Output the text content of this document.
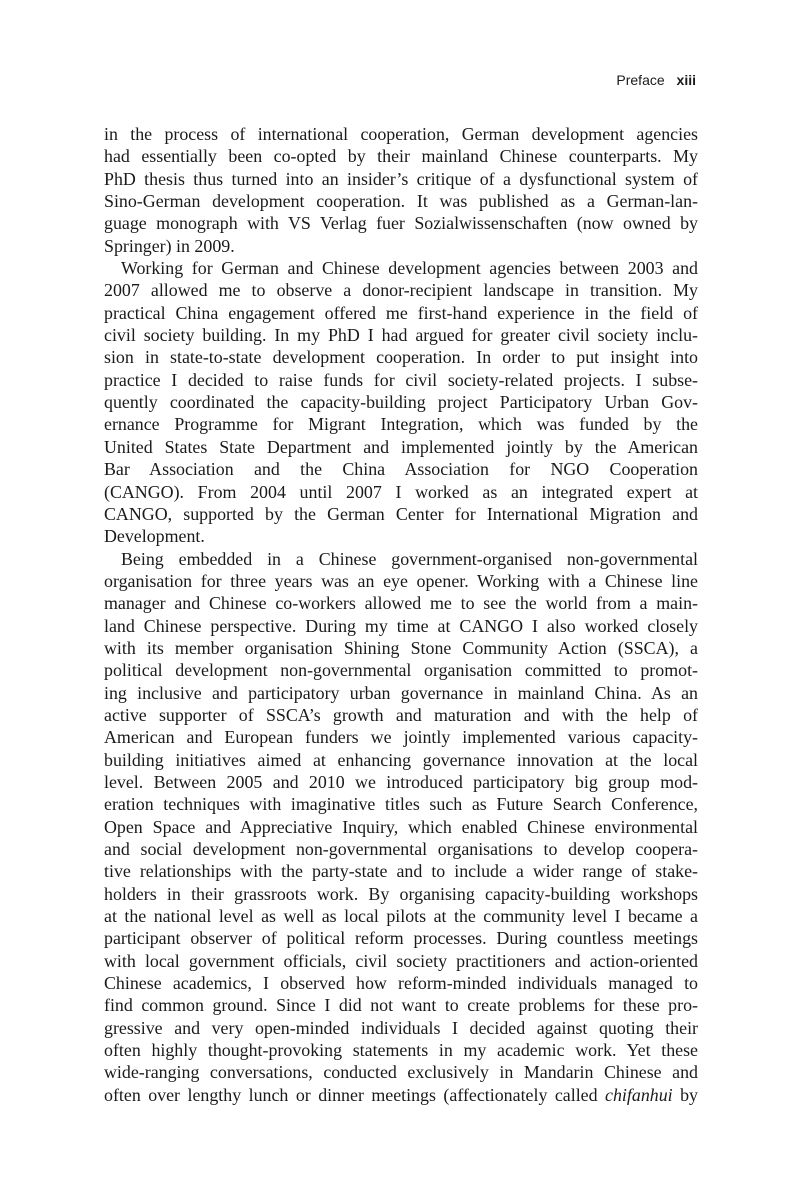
Preface xiii
in the process of international cooperation, German development agencies
had essentially been co-opted by their mainland Chinese counterparts. My
PhD thesis thus turned into an insider’s critique of a dysfunctional system of
Sino-German development cooperation. It was published as a German-lan-
guage monograph with VS Verlag fuer Sozialwissenschaften (now owned by
Springer) in 2009.
Working for German and Chinese development agencies between 2003 and
2007 allowed me to observe a donor-recipient landscape in transition. My
practical China engagement offered me first-hand experience in the field of
civil society building. In my PhD I had argued for greater civil society inclu-
sion in state-to-state development cooperation. In order to put insight into
practice I decided to raise funds for civil society-related projects. I subse-
quently coordinated the capacity-building project Participatory Urban Gov-
ernance Programme for Migrant Integration, which was funded by the
United States State Department and implemented jointly by the American
Bar Association and the China Association for NGO Cooperation
(CANGO). From 2004 until 2007 I worked as an integrated expert at
CANGO, supported by the German Center for International Migration and
Development.
Being embedded in a Chinese government-organised non-governmental
organisation for three years was an eye opener. Working with a Chinese line
manager and Chinese co-workers allowed me to see the world from a main-
land Chinese perspective. During my time at CANGO I also worked closely
with its member organisation Shining Stone Community Action (SSCA), a
political development non-governmental organisation committed to promot-
ing inclusive and participatory urban governance in mainland China. As an
active supporter of SSCA’s growth and maturation and with the help of
American and European funders we jointly implemented various capacity-
building initiatives aimed at enhancing governance innovation at the local
level. Between 2005 and 2010 we introduced participatory big group mod-
eration techniques with imaginative titles such as Future Search Conference,
Open Space and Appreciative Inquiry, which enabled Chinese environmental
and social development non-governmental organisations to develop coopera-
tive relationships with the party-state and to include a wider range of stake-
holders in their grassroots work. By organising capacity-building workshops
at the national level as well as local pilots at the community level I became a
participant observer of political reform processes. During countless meetings
with local government officials, civil society practitioners and action-oriented
Chinese academics, I observed how reform-minded individuals managed to
find common ground. Since I did not want to create problems for these pro-
gressive and very open-minded individuals I decided against quoting their
often highly thought-provoking statements in my academic work. Yet these
wide-ranging conversations, conducted exclusively in Mandarin Chinese and
often over lengthy lunch or dinner meetings (affectionately called chifanhui by
